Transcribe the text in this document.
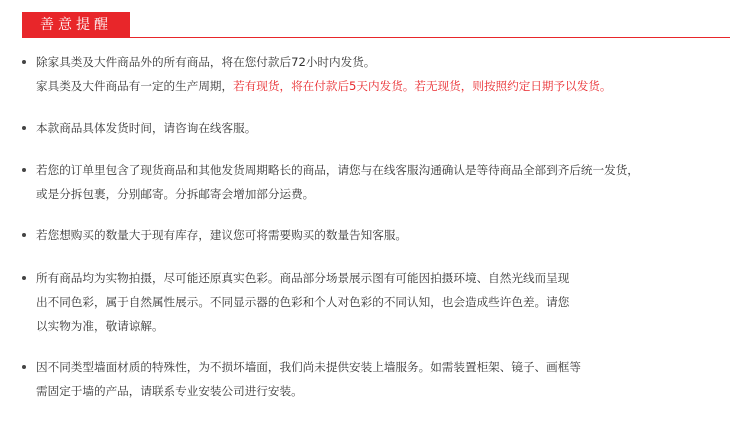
善意提醒

除家具类及大件商品外的所有商品，将在您付款后72小时内发货。

家具类及大件商品有一定的生产周期，若有现货，将在付款后5天内发货。若无现货，则按照约定日期予以发货。

本款商品具体发货时间，请咨询在线客服。

若您的订单里包含了现货商品和其他发货周期略长的商品，请您与在线客服沟通确认是等待商品全部到齐后统一发货，

或是分拆包裹，分别邮寄。分拆邮寄会增加部分运费。

若您想购买的数量大于现有库存，建议您可将需要购买的数量告知客服。

所有商品均为实物拍摄，尽可能还原真实色彩。商品部分场景展示图有可能因拍摄环境、自然光线而呈现

出不同色彩，属于自然属性展示。不同显示器的色彩和个人对色彩的不同认知，也会造成些许色差。请您

以实物为准，敬请谅解。

因不同类型墙面材质的特殊性，为不损坏墙面，我们尚未提供安装上墙服务。如需装置柜架、镜子、画框等

需固定于墙的产品，请联系专业安装公司进行安装。
